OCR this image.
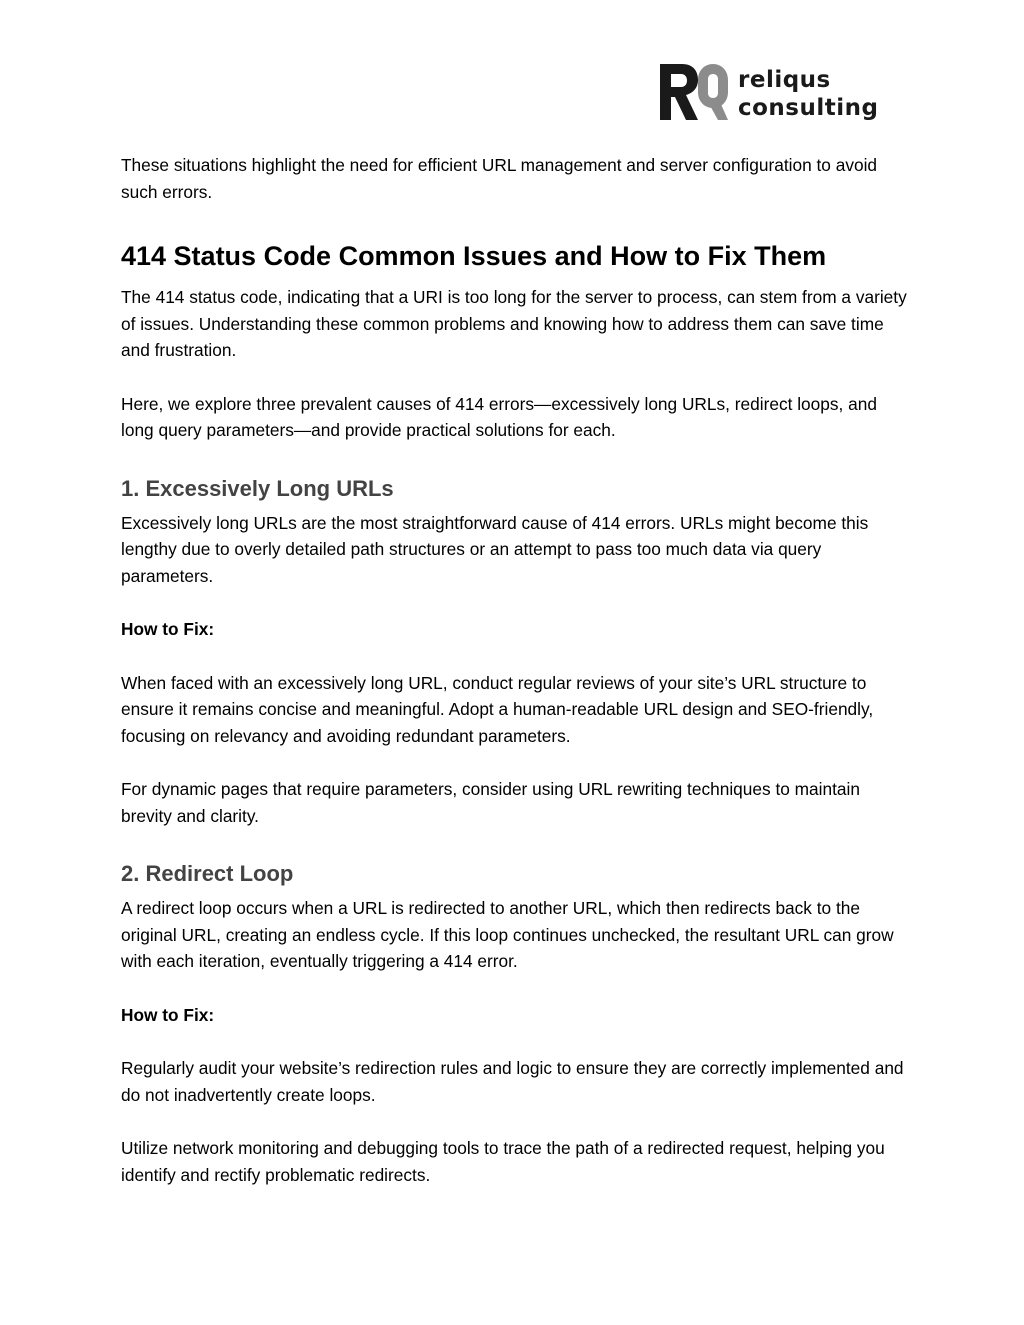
reliqus
consulting

These situations highlight the need for efficient URL management and server configuration to avoid such errors.

414 Status Code Common Issues and How to Fix Them

The 414 status code, indicating that a URI is too long for the server to process, can stem from a variety of issues. Understanding these common problems and knowing how to address them can save time and frustration.

Here, we explore three prevalent causes of 414 errors—excessively long URLs, redirect loops, and long query parameters—and provide practical solutions for each.

1. Excessively Long URLs

Excessively long URLs are the most straightforward cause of 414 errors. URLs might become this lengthy due to overly detailed path structures or an attempt to pass too much data via query parameters.

How to Fix:

When faced with an excessively long URL, conduct regular reviews of your site’s URL structure to ensure it remains concise and meaningful. Adopt a human-readable URL design and SEO-friendly, focusing on relevancy and avoiding redundant parameters.

For dynamic pages that require parameters, consider using URL rewriting techniques to maintain brevity and clarity.

2. Redirect Loop

A redirect loop occurs when a URL is redirected to another URL, which then redirects back to the original URL, creating an endless cycle. If this loop continues unchecked, the resultant URL can grow with each iteration, eventually triggering a 414 error.

How to Fix:

Regularly audit your website’s redirection rules and logic to ensure they are correctly implemented and do not inadvertently create loops.

Utilize network monitoring and debugging tools to trace the path of a redirected request, helping you identify and rectify problematic redirects.
